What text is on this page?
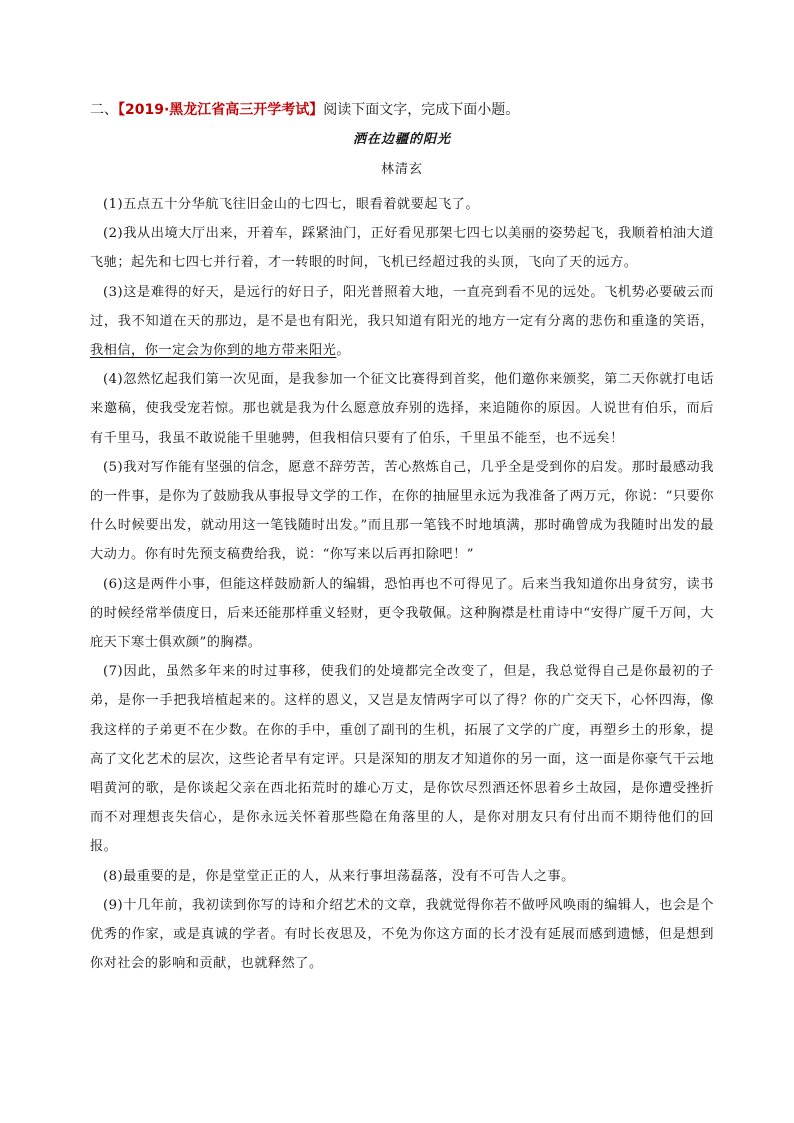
二、【2019·黑龙江省高三开学考试】阅读下面文字，完成下面小题。
洒在边疆的阳光
林清玄

(1)五点五十分华航飞往旧金山的七四七，眼看着就要起飞了。

(2)我从出境大厅出来，开着车，踩紧油门，正好看见那架七四七以美丽的姿势起飞，我顺着柏油大道飞驰；起先和七四七并行着，才一转眼的时间，飞机已经超过我的头顶，飞向了天的远方。

(3)这是难得的好天，是远行的好日子，阳光普照着大地，一直亮到看不见的远处。飞机势必要破云而过，我不知道在天的那边，是不是也有阳光，我只知道有阳光的地方一定有分离的悲伤和重逢的笑语，我相信，你一定会为你到的地方带来阳光。

(4)忽然忆起我们第一次见面，是我参加一个征文比赛得到首奖，他们邀你来颁奖，第二天你就打电话来邀稿，使我受宠若惊。那也就是我为什么愿意放弃别的选择，来追随你的原因。人说世有伯乐，而后有千里马，我虽不敢说能千里驰骋，但我相信只要有了伯乐，千里虽不能至，也不远矣！

(5)我对写作能有坚强的信念，愿意不辞劳苦，苦心熬炼自己，几乎全是受到你的启发。那时最感动我的一件事，是你为了鼓励我从事报导文学的工作，在你的抽屉里永远为我准备了两万元，你说：“只要你什么时候要出发，就动用这一笔钱随时出发。”而且那一笔钱不时地填满，那时确曾成为我随时出发的最大动力。你有时先预支稿费给我，说：“你写来以后再扣除吧！”

(6)这是两件小事，但能这样鼓励新人的编辑，恐怕再也不可得见了。后来当我知道你出身贫穷，读书的时候经常举债度日，后来还能那样重义轻财，更令我敬佩。这种胸襟是杜甫诗中“安得广厦千万间，大庇天下寒士俱欢颜”的胸襟。

(7)因此，虽然多年来的时过事移，使我们的处境都完全改变了，但是，我总觉得自己是你最初的子弟，是你一手把我培植起来的。这样的恩义，又岂是友情两字可以了得？你的广交天下，心怀四海，像我这样的子弟更不在少数。在你的手中，重创了副刊的生机，拓展了文学的广度，再塑乡土的形象，提高了文化艺术的层次，这些论者早有定评。只是深知的朋友才知道你的另一面，这一面是你豪气干云地唱黄河的歌，是你谈起父亲在西北拓荒时的雄心万丈，是你饮尽烈酒还怀思着乡土故园，是你遭受挫折而不对理想丧失信心，是你永远关怀着那些隐在角落里的人，是你对朋友只有付出而不期待他们的回报。

(8)最重要的是，你是堂堂正正的人，从来行事坦荡磊落，没有不可告人之事。

(9)十几年前，我初读到你写的诗和介绍艺术的文章，我就觉得你若不做呼风唤雨的编辑人，也会是个优秀的作家，或是真诚的学者。有时长夜思及，不免为你这方面的长才没有延展而感到遗憾，但是想到你对社会的影响和贡献，也就释然了。
